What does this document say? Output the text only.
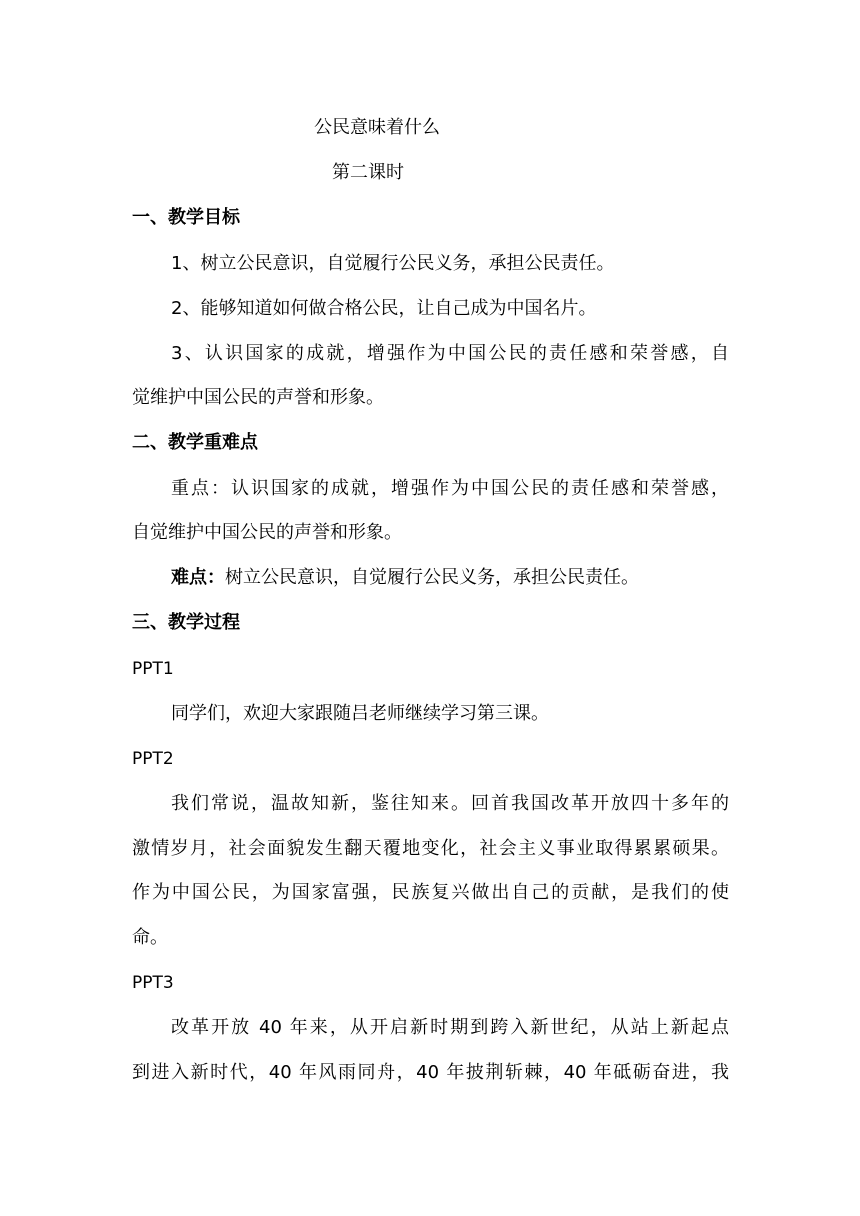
公民意味着什么
第二课时
一、教学目标
1、树立公民意识，自觉履行公民义务，承担公民责任。
2、能够知道如何做合格公民，让自己成为中国名片。
3、认识国家的成就，增强作为中国公民的责任感和荣誉感，自
觉维护中国公民的声誉和形象。
二、教学重难点
重点：认识国家的成就，增强作为中国公民的责任感和荣誉感，
自觉维护中国公民的声誉和形象。
难点：树立公民意识，自觉履行公民义务，承担公民责任。
三、教学过程
PPT1
同学们，欢迎大家跟随吕老师继续学习第三课。
PPT2
我们常说，温故知新，鉴往知来。回首我国改革开放四十多年的
激情岁月，社会面貌发生翻天覆地变化，社会主义事业取得累累硕果。
作为中国公民，为国家富强，民族复兴做出自己的贡献，是我们的使
命。
PPT3
改革开放 40 年来，从开启新时期到跨入新世纪，从站上新起点
到进入新时代，40 年风雨同舟，40 年披荆斩棘，40 年砥砺奋进，我
